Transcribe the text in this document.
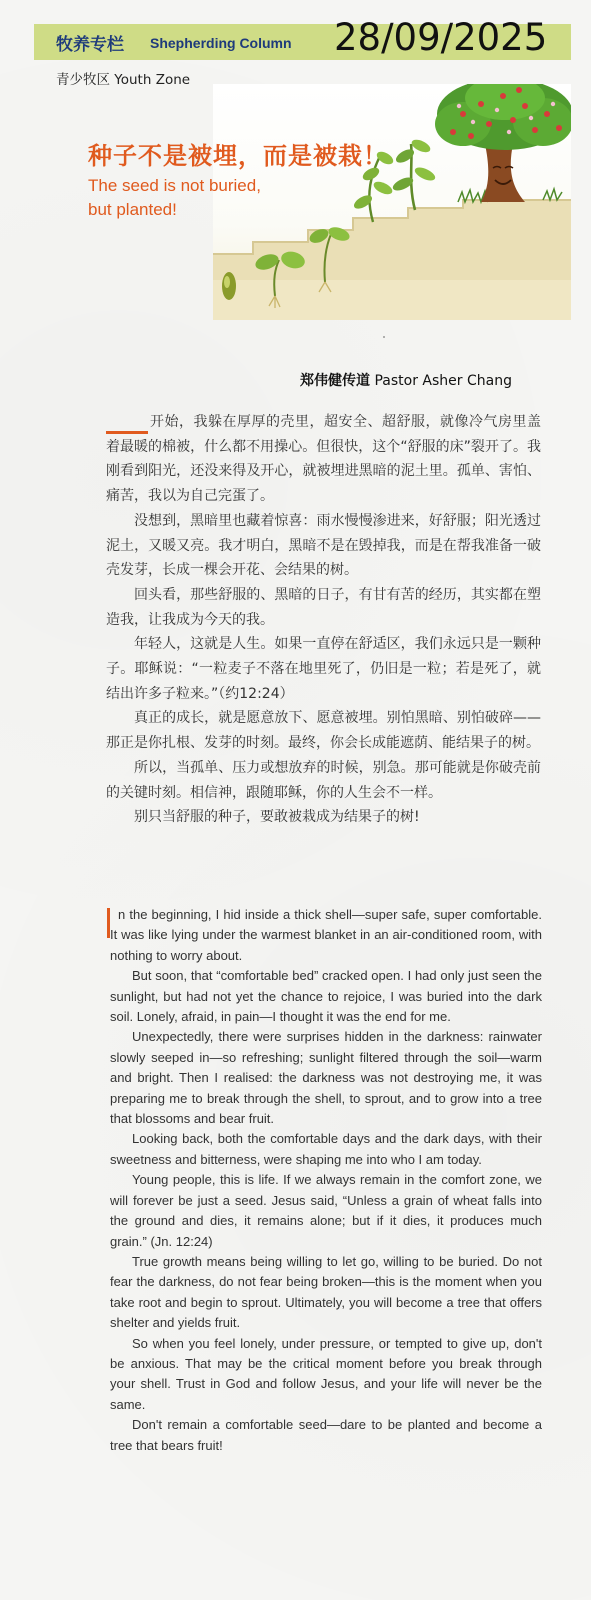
牧养专栏 Shepherding Column 28/09/2025
青少牧区 Youth Zone
种子不是被埋，而是被栽！
The seed is not buried,
but planted!
郑伟健传道 Pastor Asher Chang

开始，我躲在厚厚的壳里，超安全、超舒服，就像冷气房里盖着最暖的棉被，什么都不用操心。但很快，这个“舒服的床”裂开了。我刚看到阳光，还没来得及开心，就被埋进黑暗的泥土里。孤单、害怕、痛苦，我以为自己完蛋了。

没想到，黑暗里也藏着惊喜：雨水慢慢渗进来，好舒服；阳光透过泥土，又暖又亮。我才明白，黑暗不是在毁掉我，而是在帮我准备一破壳发芽，长成一棵会开花、会结果的树。

回头看，那些舒服的、黑暗的日子，有甘有苦的经历，其实都在塑造我，让我成为今天的我。

年轻人，这就是人生。如果一直停在舒适区，我们永远只是一颗种子。耶稣说：“一粒麦子不落在地里死了，仍旧是一粒；若是死了，就结出许多子粒来。”（约12:24）

真正的成长，就是愿意放下、愿意被埋。别怕黑暗、别怕破碎——那正是你扎根、发芽的时刻。最终，你会长成能遮荫、能结果子的树。

所以，当孤单、压力或想放弃的时候，别急。那可能就是你破壳前的关键时刻。相信神，跟随耶稣，你的人生会不一样。

别只当舒服的种子，要敢被栽成为结果子的树!

n the beginning, I hid inside a thick shell—super safe, super comfortable. It was like lying under the warmest blanket in an air-conditioned room, with nothing to worry about.

But soon, that “comfortable bed” cracked open. I had only just seen the sunlight, but had not yet the chance to rejoice, I was buried into the dark soil. Lonely, afraid, in pain—I thought it was the end for me.

Unexpectedly, there were surprises hidden in the darkness: rainwater slowly seeped in—so refreshing; sunlight filtered through the soil—warm and bright. Then I realised: the darkness was not destroying me, it was preparing me to break through the shell, to sprout, and to grow into a tree that blossoms and bear fruit.

Looking back, both the comfortable days and the dark days, with their sweetness and bitterness, were shaping me into who I am today.

Young people, this is life. If we always remain in the comfort zone, we will forever be just a seed. Jesus said, “Unless a grain of wheat falls into the ground and dies, it remains alone; but if it dies, it produces much grain.” (Jn. 12:24)

True growth means being willing to let go, willing to be buried. Do not fear the darkness, do not fear being broken—this is the moment when you take root and begin to sprout. Ultimately, you will become a tree that offers shelter and yields fruit.

So when you feel lonely, under pressure, or tempted to give up, don't be anxious. That may be the critical moment before you break through your shell. Trust in God and follow Jesus, and your life will never be the same.

Don't remain a comfortable seed—dare to be planted and become a tree that bears fruit!
